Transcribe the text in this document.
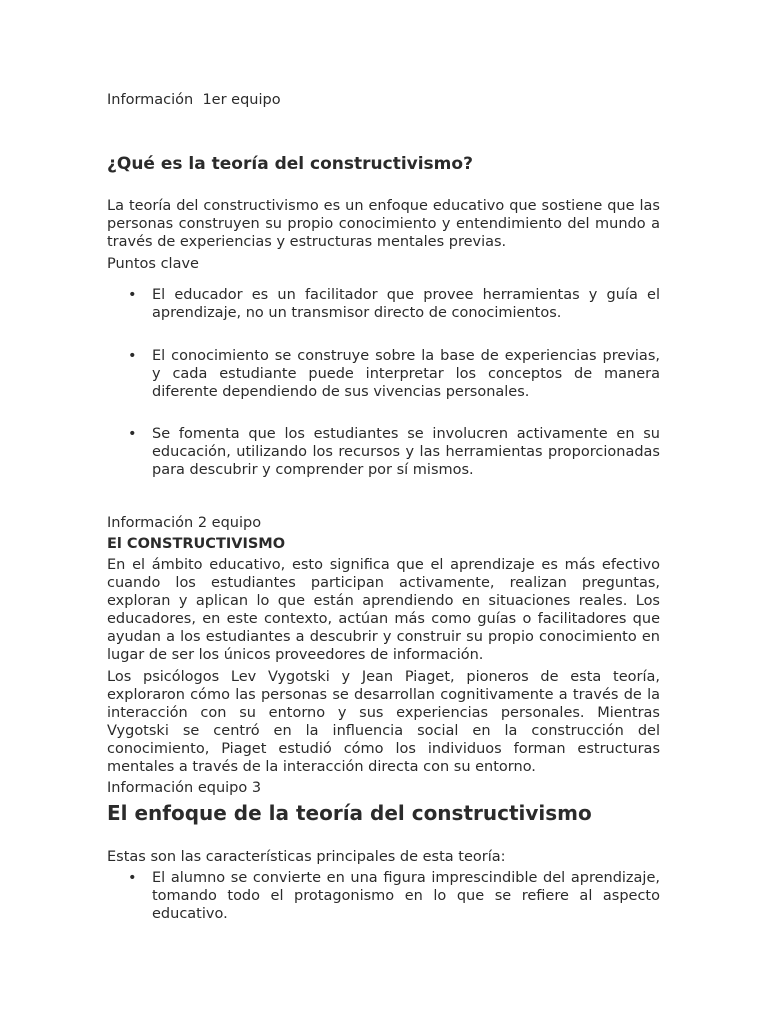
Información  1er equipo
¿Qué es la teoría del constructivismo?
La teoría del constructivismo es un enfoque educativo que sostiene que las personas construyen su propio conocimiento y entendimiento del mundo a través de experiencias y estructuras mentales previas.
Puntos clave
• El educador es un facilitador que provee herramientas y guía el aprendizaje, no un transmisor directo de conocimientos.
• El conocimiento se construye sobre la base de experiencias previas, y cada estudiante puede interpretar los conceptos de manera diferente dependiendo de sus vivencias personales.
• Se fomenta que los estudiantes se involucren activamente en su educación, utilizando los recursos y las herramientas proporcionadas para descubrir y comprender por sí mismos.
Información 2 equipo
El CONSTRUCTIVISMO
En el ámbito educativo, esto significa que el aprendizaje es más efectivo cuando los estudiantes participan activamente, realizan preguntas, exploran y aplican lo que están aprendiendo en situaciones reales. Los educadores, en este contexto, actúan más como guías o facilitadores que ayudan a los estudiantes a descubrir y construir su propio conocimiento en lugar de ser los únicos proveedores de información.
Los psicólogos Lev Vygotski y Jean Piaget, pioneros de esta teoría, exploraron cómo las personas se desarrollan cognitivamente a través de la interacción con su entorno y sus experiencias personales. Mientras Vygotski se centró en la influencia social en la construcción del conocimiento, Piaget estudió cómo los individuos forman estructuras mentales a través de la interacción directa con su entorno.
Información equipo 3
El enfoque de la teoría del constructivismo
Estas son las características principales de esta teoría:
• El alumno se convierte en una figura imprescindible del aprendizaje, tomando todo el protagonismo en lo que se refiere al aspecto educativo.
